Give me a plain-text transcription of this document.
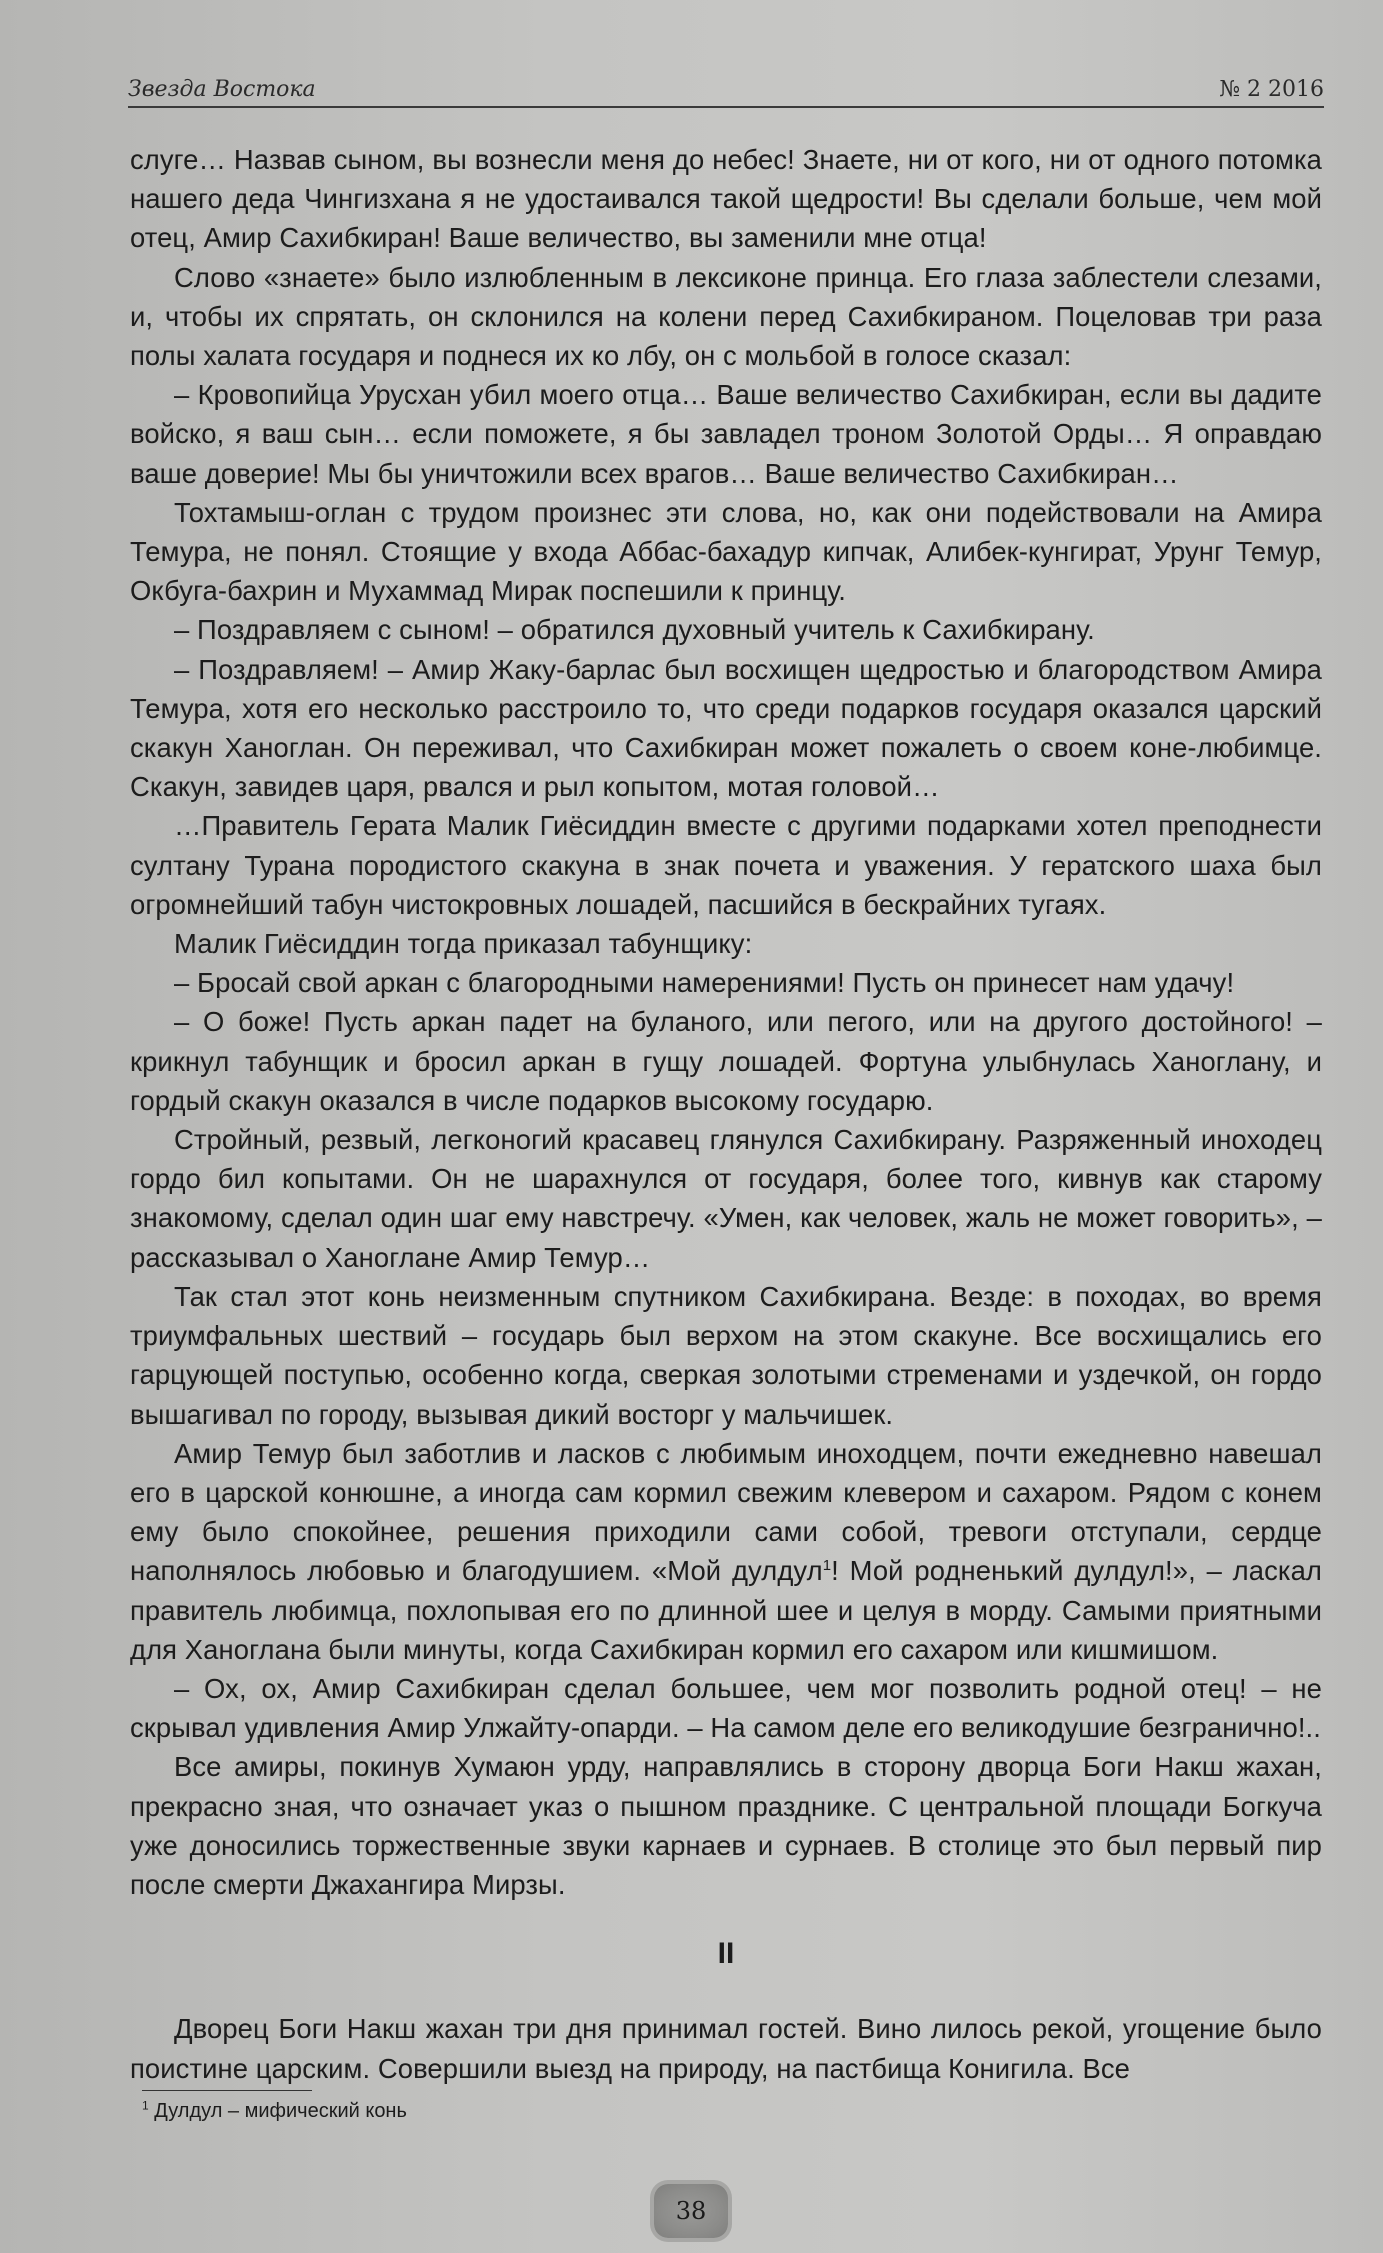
Звезда Востока	№ 2 2016

слуге… Назвав сыном, вы вознесли меня до небес! Знаете, ни от кого, ни от одного потомка нашего деда Чингизхана я не удостаивался такой щедрости! Вы сделали больше, чем мой отец, Амир Сахибкиран! Ваше величество, вы заменили мне отца!

Слово «знаете» было излюбленным в лексиконе принца. Его глаза заблестели слезами, и, чтобы их спрятать, он склонился на колени перед Сахибкираном. Поцеловав три раза полы халата государя и поднеся их ко лбу, он с мольбой в голосе сказал:

– Кровопийца Урусхан убил моего отца… Ваше величество Сахибкиран, если вы дадите войско, я ваш сын… если поможете, я бы завладел троном Золотой Орды… Я оправдаю ваше доверие! Мы бы уничтожили всех врагов… Ваше величество Сахибкиран…

Тохтамыш-оглан с трудом произнес эти слова, но, как они подействовали на Амира Темура, не понял. Стоящие у входа Аббас-бахадур кипчак, Алибек-кунгират, Урунг Темур, Окбуга-бахрин и Мухаммад Мирак поспешили к принцу.

– Поздравляем с сыном! – обратился духовный учитель к Сахибкирану.

– Поздравляем! – Амир Жаку-барлас был восхищен щедростью и благородством Амира Темура, хотя его несколько расстроило то, что среди подарков государя оказался царский скакун Ханоглан. Он переживал, что Сахибкиран может пожалеть о своем коне-любимце. Скакун, завидев царя, рвался и рыл копытом, мотая головой…

…Правитель Герата Малик Гиёсиддин вместе с другими подарками хотел преподнести султану Турана породистого скакуна в знак почета и уважения. У гератского шаха был огромнейший табун чистокровных лошадей, пасшийся в бескрайних тугаях.

Малик Гиёсиддин тогда приказал табунщику:

– Бросай свой аркан с благородными намерениями! Пусть он принесет нам удачу!

– О боже! Пусть аркан падет на буланого, или пегого, или на другого достойного! – крикнул табунщик и бросил аркан в гущу лошадей. Фортуна улыбнулась Ханоглану, и гордый скакун оказался в числе подарков высокому государю.

Стройный, резвый, легконогий красавец глянулся Сахибкирану. Разряженный иноходец гордо бил копытами. Он не шарахнулся от государя, более того, кивнув как старому знакомому, сделал один шаг ему навстречу. «Умен, как человек, жаль не может говорить», – рассказывал о Ханоглане Амир Темур…

Так стал этот конь неизменным спутником Сахибкирана. Везде: в походах, во время триумфальных шествий – государь был верхом на этом скакуне. Все восхищались его гарцующей поступью, особенно когда, сверкая золотыми стременами и уздечкой, он гордо вышагивал по городу, вызывая дикий восторг у мальчишек.

Амир Темур был заботлив и ласков с любимым иноходцем, почти ежедневно навешал его в царской конюшне, а иногда сам кормил свежим клевером и сахаром. Рядом с конем ему было спокойнее, решения приходили сами собой, тревоги отступали, сердце наполнялось любовью и благодушием. «Мой дулдул$^1$! Мой родненький дулдул!», – ласкал правитель любимца, похлопывая его по длинной шее и целуя в морду. Самыми приятными для Ханоглана были минуты, когда Сахибкиран кормил его сахаром или кишмишом.

– Ох, ох, Амир Сахибкиран сделал большее, чем мог позволить родной отец! – не скрывал удивления Амир Улжайту-опарди. – На самом деле его великодушие безгранично!..

Все амиры, покинув Хумаюн урду, направлялись в сторону дворца Боги Накш жахан, прекрасно зная, что означает указ о пышном празднике. С центральной площади Богкуча уже доносились торжественные звуки карнаев и сурнаев. В столице это был первый пир после смерти Джахангира Мирзы.

II

Дворец Боги Накш жахан три дня принимал гостей. Вино лилось рекой, угощение было поистине царским. Совершили выезд на природу, на пастбища Конигила. Все

$^1$ Дулдул – мифический конь
38
